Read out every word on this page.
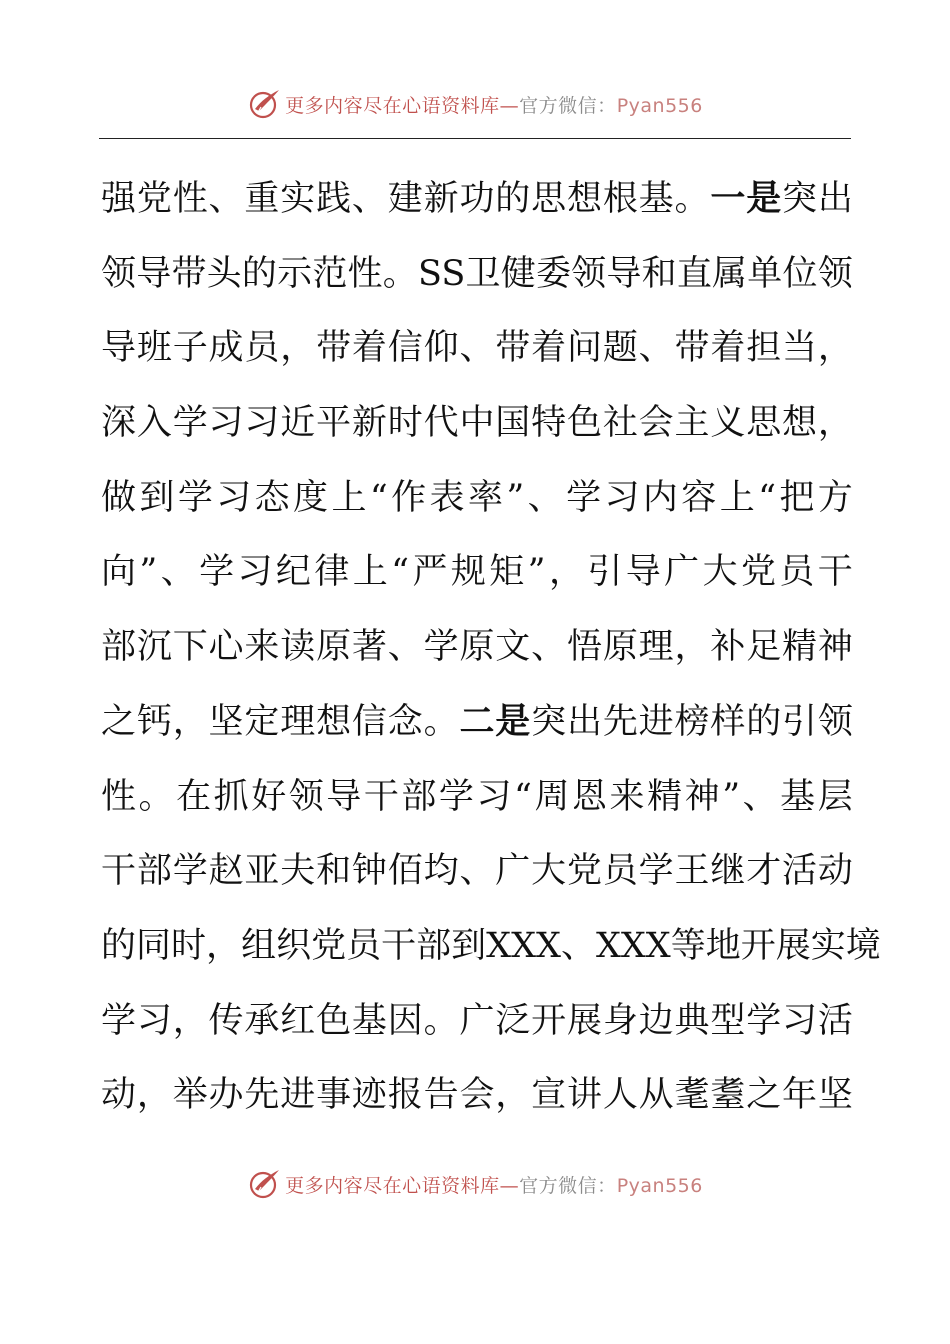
更多内容尽在心语资料库—官方微信：Pyan556
强 党 性 、 重 实 践 、 建 新 功 的 思 想 根 基 。 一 是 突 出
领 导 带 头 的 示 范 性 。 SS 卫 健 委 领 导 和 直 属 单 位 领
导 班 子 成 员 ， 带 着 信 仰 、 带 着 问 题 、 带 着 担 当 ，
深 入 学 习 习 近 平 新 时 代 中 国 特 色 社 会 主 义 思 想 ，
做 到 学 习 态 度 上 “ 作 表 率 ” 、 学 习 内 容 上 “ 把 方
向 ” 、 学 习 纪 律 上 “ 严 规 矩 ” ， 引 导 广 大 党 员 干
部 沉 下 心 来 读 原 著 、 学 原 文 、 悟 原 理 ， 补 足 精 神
之 钙 ， 坚 定 理 想 信 念 。 二 是 突 出 先 进 榜 样 的 引 领
性 。 在 抓 好 领 导 干 部 学 习 “ 周 恩 来 精 神 ” 、 基 层
干 部 学 赵 亚 夫 和 钟 佰 均 、 广 大 党 员 学 王 继 才 活 动
的 同 时 ， 组 织 党 员 干 部 到 XXX 、 XXX 等 地 开 展 实 境
学 习 ， 传 承 红 色 基 因 。 广 泛 开 展 身 边 典 型 学 习 活
动 ， 举 办 先 进 事 迹 报 告 会 ， 宣 讲 人 从 耄 耋 之 年 坚
更多内容尽在心语资料库—官方微信：Pyan556
